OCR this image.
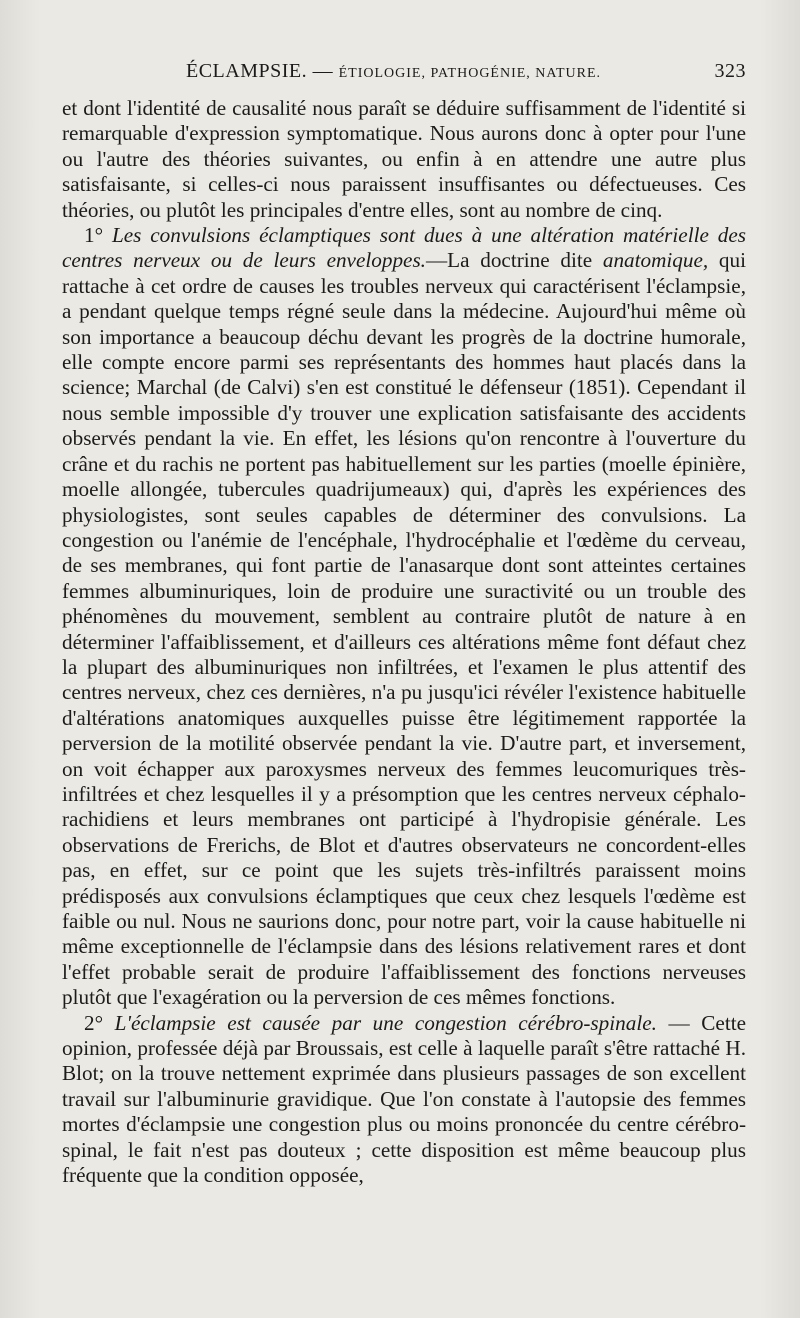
ÉCLAMPSIE. — ÉTIOLOGIE, PATHOGÉNIE, NATURE.	323

et dont l'identité de causalité nous paraît se déduire suffisamment de l'identité si remarquable d'expression symptomatique. Nous aurons donc à opter pour l'une ou l'autre des théories suivantes, ou enfin à en attendre une autre plus satisfaisante, si celles-ci nous paraissent insuffisantes ou défectueuses. Ces théories, ou plutôt les principales d'entre elles, sont au nombre de cinq.

1° Les convulsions éclamptiques sont dues à une altération matérielle des centres nerveux ou de leurs enveloppes.—La doctrine dite anatomique, qui rattache à cet ordre de causes les troubles nerveux qui caractérisent l'éclampsie, a pendant quelque temps régné seule dans la médecine. Aujourd'hui même où son importance a beaucoup déchu devant les progrès de la doctrine humorale, elle compte encore parmi ses représentants des hommes haut placés dans la science; Marchal (de Calvi) s'en est constitué le défenseur (1851). Cependant il nous semble impossible d'y trouver une explication satisfaisante des accidents observés pendant la vie. En effet, les lésions qu'on rencontre à l'ouverture du crâne et du rachis ne portent pas habituellement sur les parties (moelle épinière, moelle allongée, tubercules quadrijumeaux) qui, d'après les expériences des physiologistes, sont seules capables de déterminer des convulsions. La congestion ou l'anémie de l'encéphale, l'hydrocéphalie et l'œdème du cerveau, de ses membranes, qui font partie de l'anasarque dont sont atteintes certaines femmes albuminuriques, loin de produire une suractivité ou un trouble des phénomènes du mouvement, semblent au contraire plutôt de nature à en déterminer l'affaiblissement, et d'ailleurs ces altérations même font défaut chez la plupart des albuminuriques non infiltrées, et l'examen le plus attentif des centres nerveux, chez ces dernières, n'a pu jusqu'ici révéler l'existence habituelle d'altérations anatomiques auxquelles puisse être légitimement rapportée la perversion de la motilité observée pendant la vie. D'autre part, et inversement, on voit échapper aux paroxysmes nerveux des femmes leucomuriques très-infiltrées et chez lesquelles il y a présomption que les centres nerveux céphalo-rachidiens et leurs membranes ont participé à l'hydropisie générale. Les observations de Frerichs, de Blot et d'autres observateurs ne concordent-elles pas, en effet, sur ce point que les sujets très-infiltrés paraissent moins prédisposés aux convulsions éclamptiques que ceux chez lesquels l'œdème est faible ou nul. Nous ne saurions donc, pour notre part, voir la cause habituelle ni même exceptionnelle de l'éclampsie dans des lésions relativement rares et dont l'effet probable serait de produire l'affaiblissement des fonctions nerveuses plutôt que l'exagération ou la perversion de ces mêmes fonctions.

2° L'éclampsie est causée par une congestion cérébro-spinale. — Cette opinion, professée déjà par Broussais, est celle à laquelle paraît s'être rattaché H. Blot; on la trouve nettement exprimée dans plusieurs passages de son excellent travail sur l'albuminurie gravidique. Que l'on constate à l'autopsie des femmes mortes d'éclampsie une congestion plus ou moins prononcée du centre cérébro-spinal, le fait n'est pas douteux ; cette disposition est même beaucoup plus fréquente que la condition opposée,
